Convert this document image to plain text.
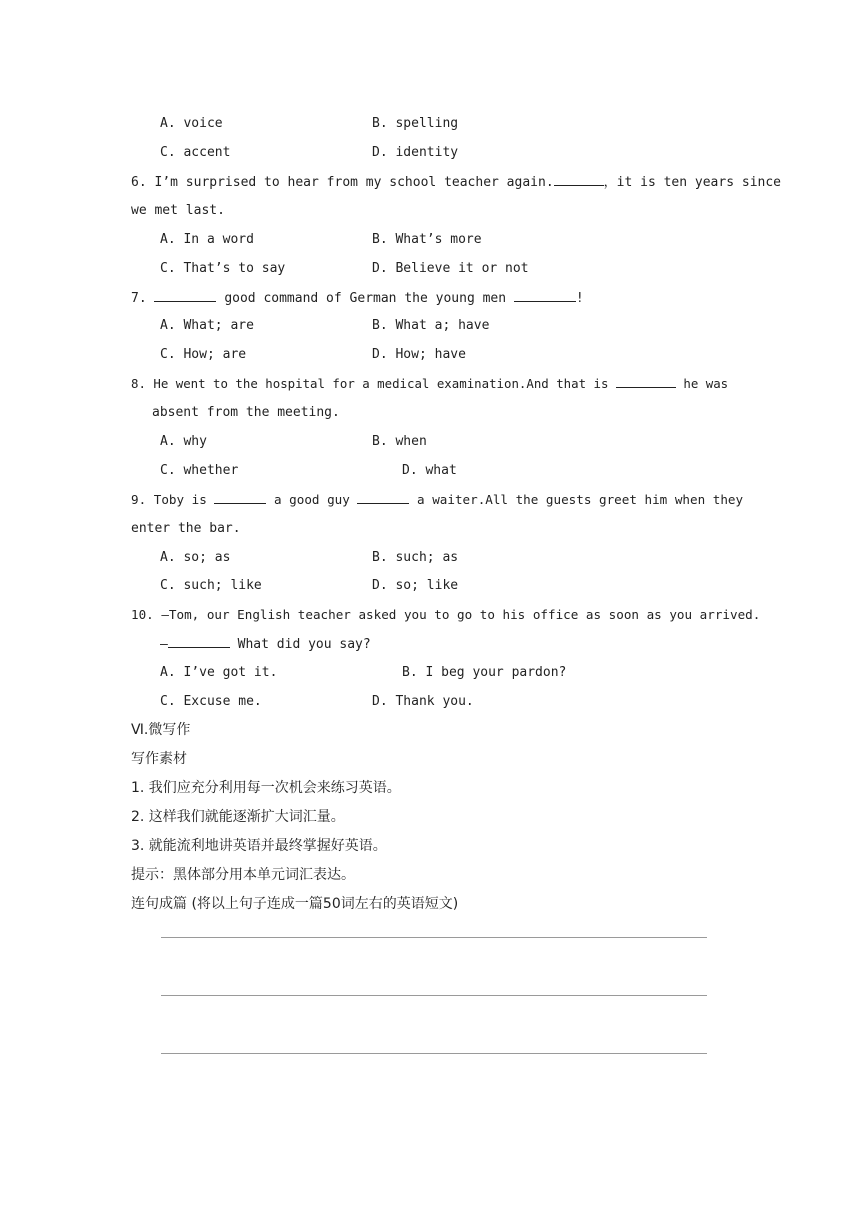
A. voice	B. spelling
C. accent	D. identity
6. I’m surprised to hear from my school teacher again.	，it is ten years since
we met last.
A. In a word	B. What’s more
C. That’s to say	D. Believe it or not
7.	good command of German the young men	!
A. What; are	B. What a; have
C. How; are	D. How; have
8. He went to the hospital for a medical examination.And that is	he was
absent from the meeting.
A. why	B. when
C. whether	D. what
9. Toby is	a good guy	a waiter.All the guests greet him when they
enter the bar.
A. so; as	B. such; as
C. such; like	D. so; like
10. —Tom, our English teacher asked you to go to his office as soon as you arrived.
—	What did you say?
A. I’ve got it.	B. I beg your pardon?
C. Excuse me.	D. Thank you.
Ⅵ.微写作
写作素材
1. 我们应充分利用每一次机会来练习英语。
2. 这样我们就能逐渐扩大词汇量。
3. 就能流利地讲英语并最终掌握好英语。
提示：黑体部分用本单元词汇表达。
连句成篇 (将以上句子连成一篇50词左右的英语短文)
